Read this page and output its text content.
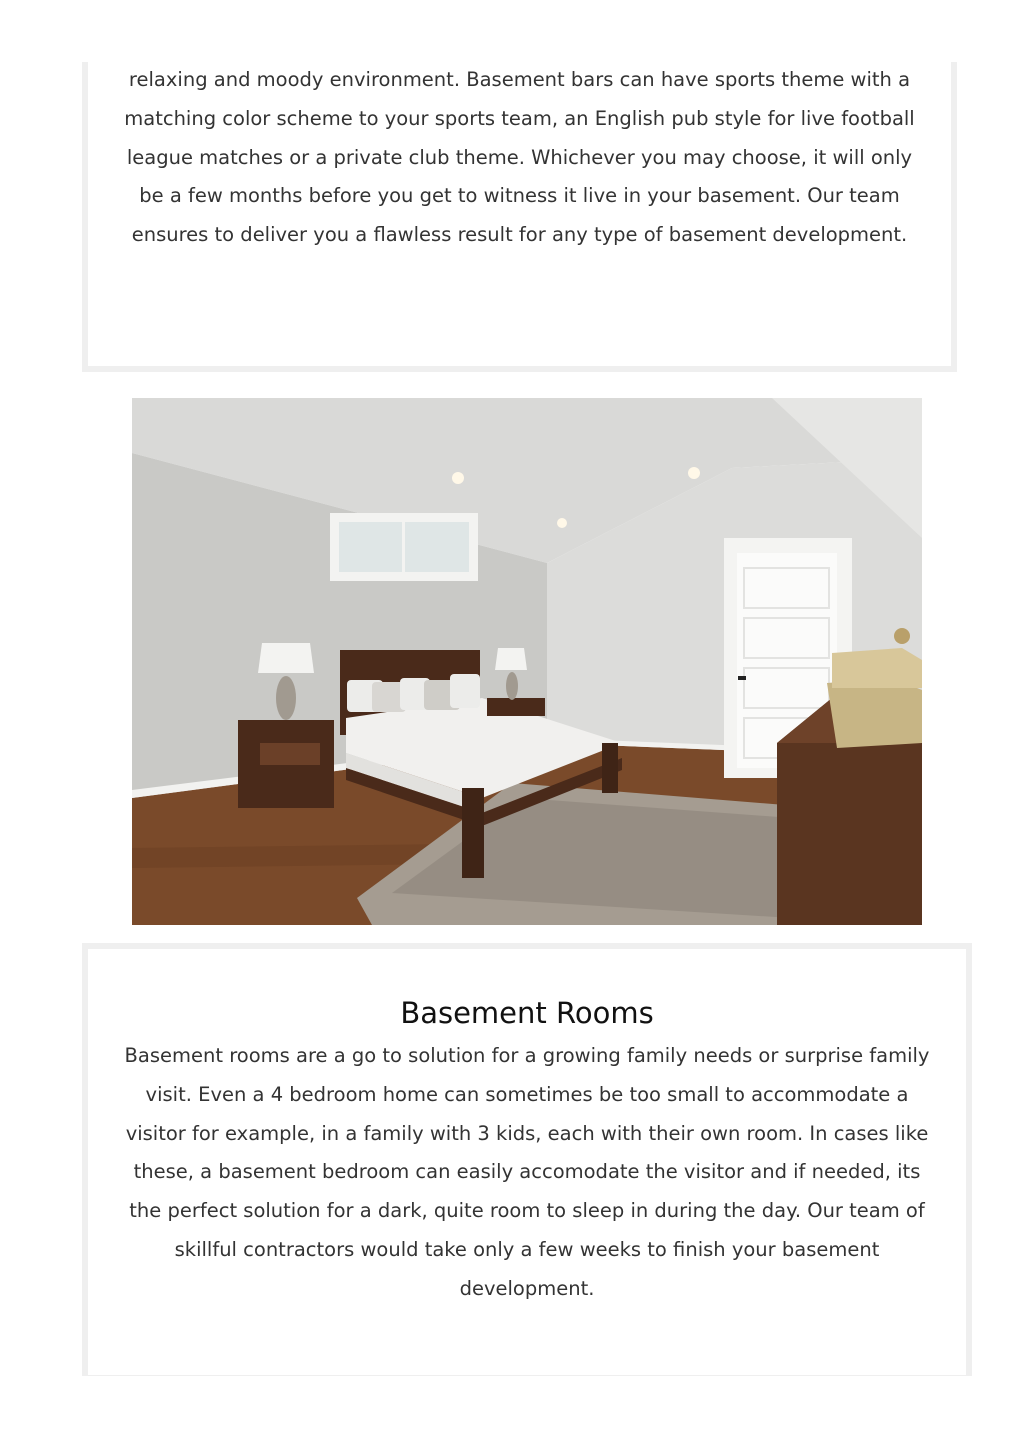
relaxing and moody environment. Basement bars can have sports theme with a matching color scheme to your sports team, an English pub style for live football league matches or a private club theme. Whichever you may choose, it will only be a few months before you get to witness it live in your basement. Our team ensures to deliver you a flawless result for any type of basement development.

Basement Rooms

Basement rooms are a go to solution for a growing family needs or surprise family visit. Even a 4 bedroom home can sometimes be too small to accommodate a visitor for example, in a family with 3 kids, each with their own room. In cases like these, a basement bedroom can easily accomodate the visitor and if needed, its the perfect solution for a dark, quite room to sleep in during the day. Our team of skillful contractors would take only a few weeks to finish your basement development.
